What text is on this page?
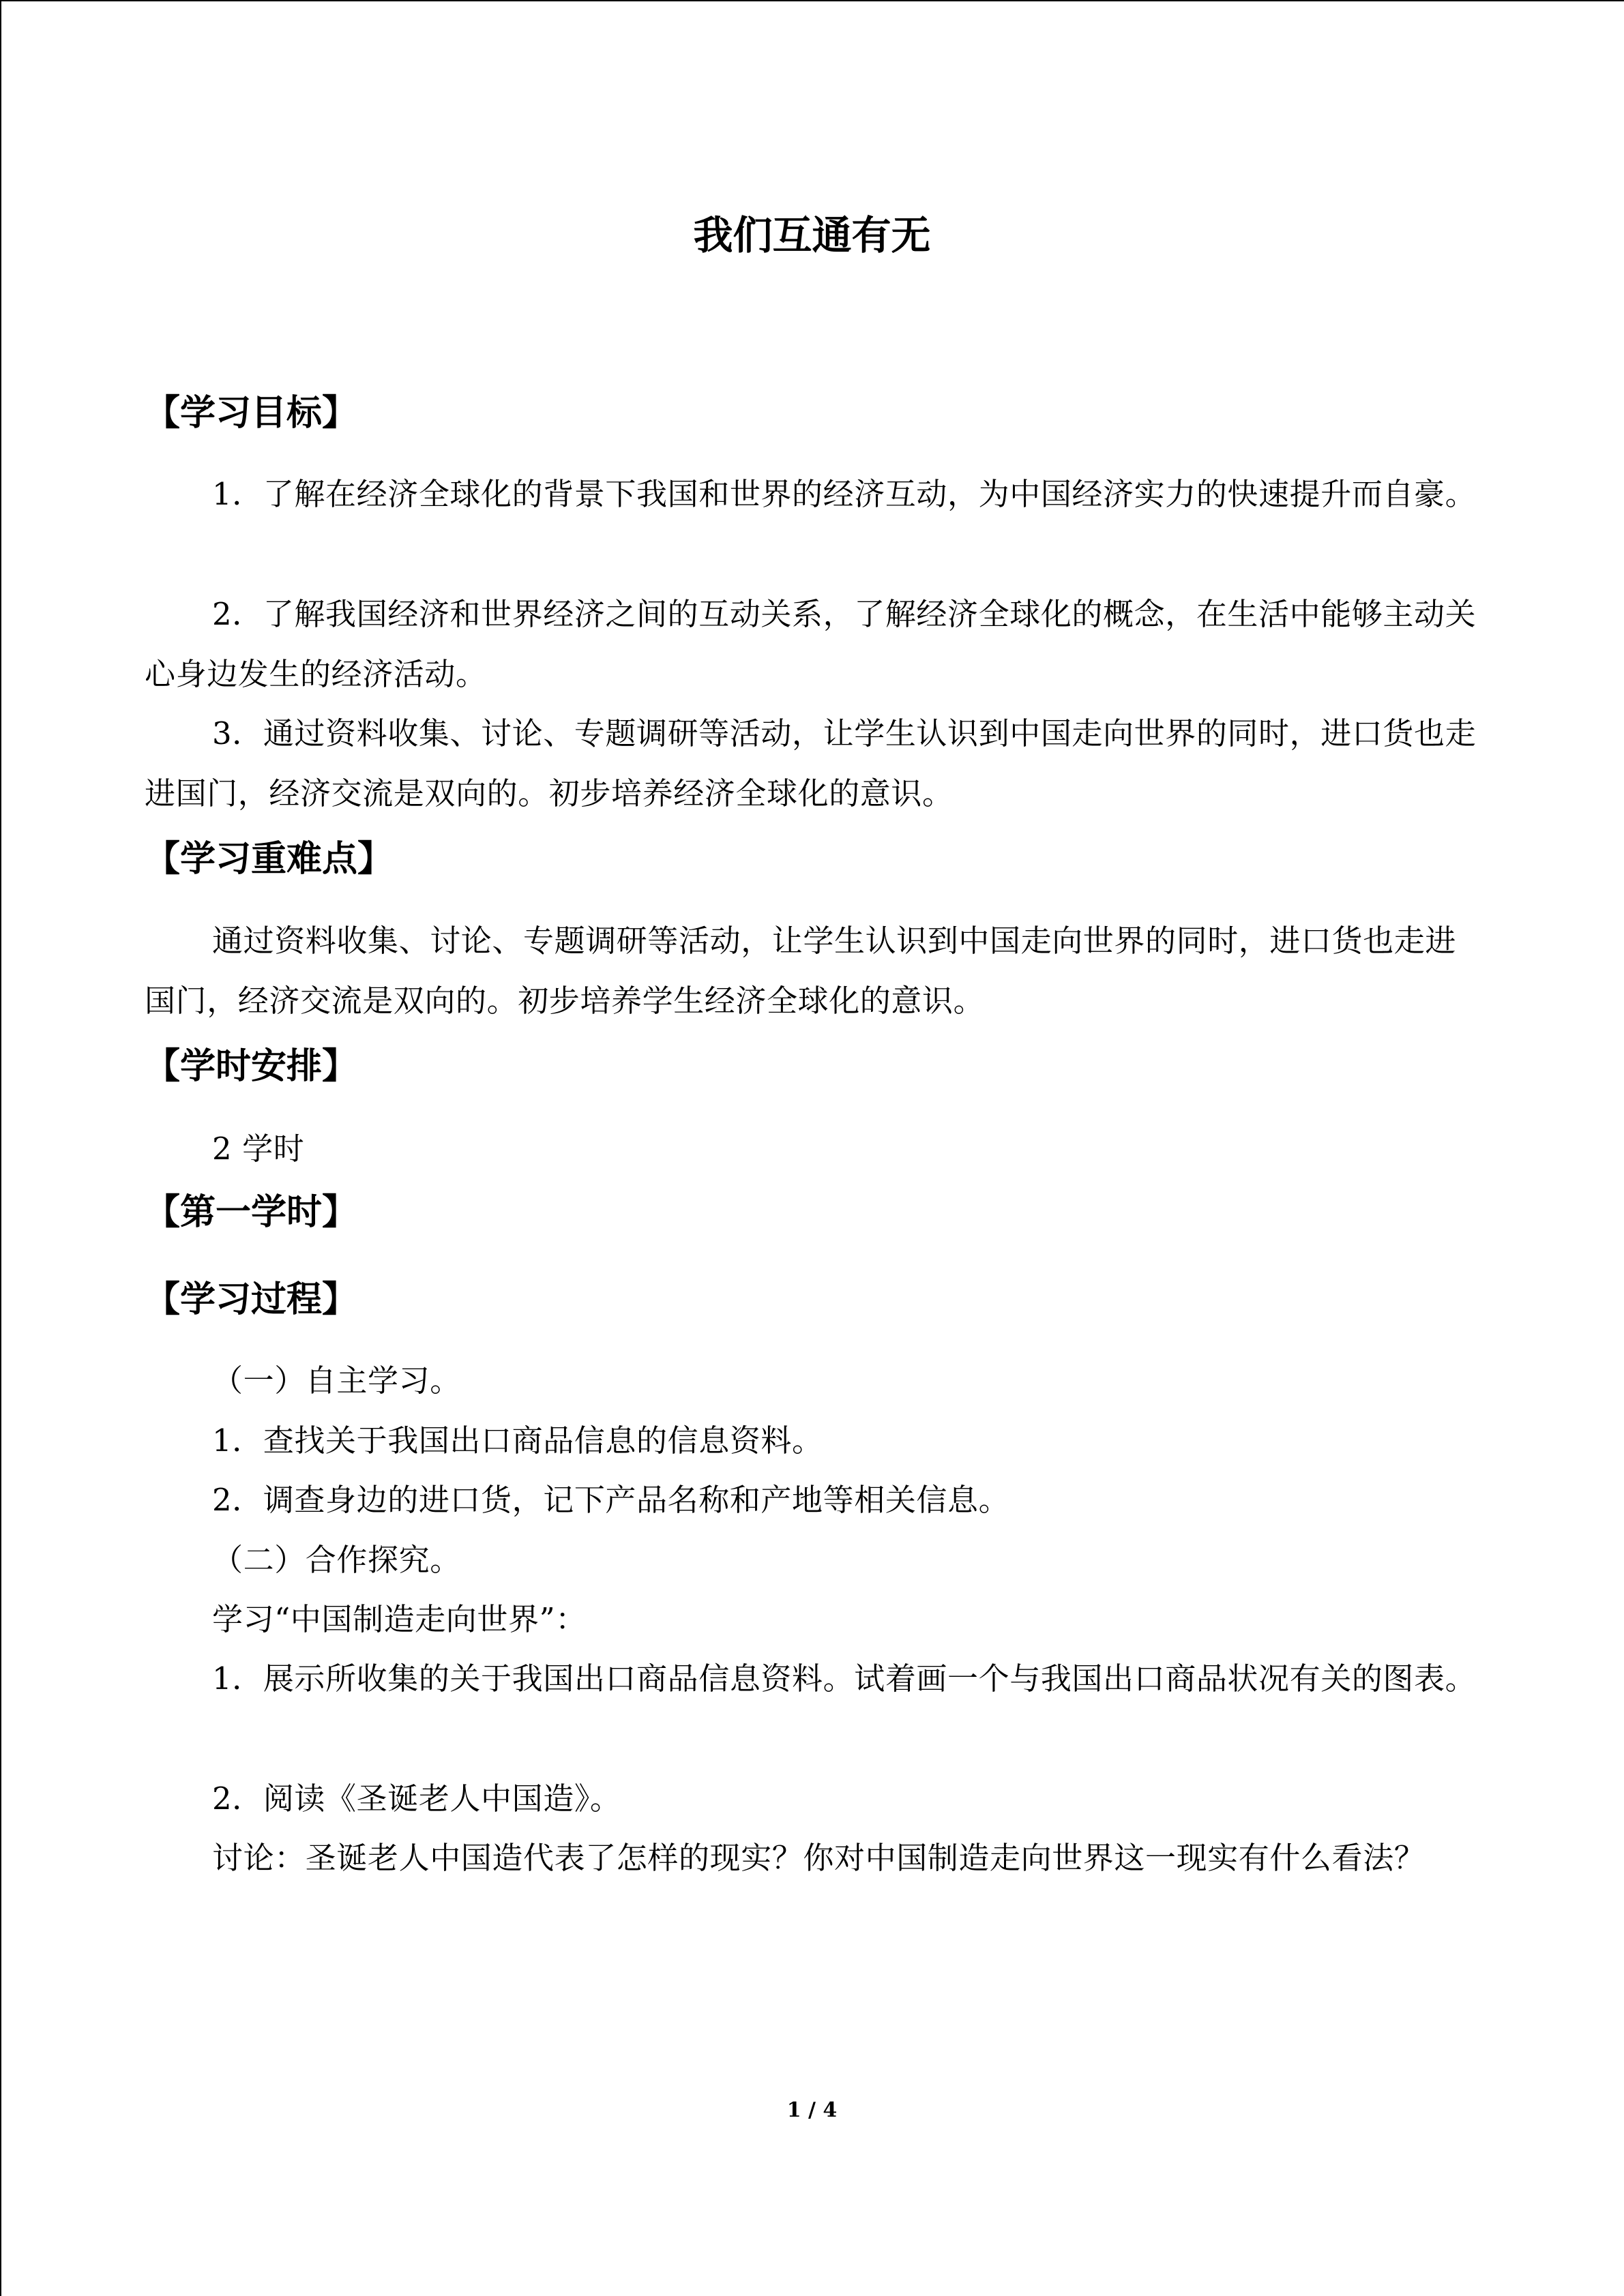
我们互通有无
【学习目标】

1．了解在经济全球化的背景下我国和世界的经济互动，为中国经济实力的快速提升而自豪。

2．了解我国经济和世界经济之间的互动关系，了解经济全球化的概念，在生活中能够主动关心身边发生的经济活动。

3．通过资料收集、讨论、专题调研等活动，让学生认识到中国走向世界的同时，进口货也走进国门，经济交流是双向的。初步培养经济全球化的意识。

【学习重难点】

通过资料收集、讨论、专题调研等活动，让学生认识到中国走向世界的同时，进口货也走进国门，经济交流是双向的。初步培养学生经济全球化的意识。

【学时安排】
2 学时
【第一学时】
【学习过程】
（一）自主学习。
1．查找关于我国出口商品信息的信息资料。
2．调查身边的进口货，记下产品名称和产地等相关信息。
（二）合作探究。
学习“中国制造走向世界”：

1．展示所收集的关于我国出口商品信息资料。试着画一个与我国出口商品状况有关的图表。

2．阅读《圣诞老人中国造》。

讨论：圣诞老人中国造代表了怎样的现实？你对中国制造走向世界这一现实有什么看法？

1 / 4
